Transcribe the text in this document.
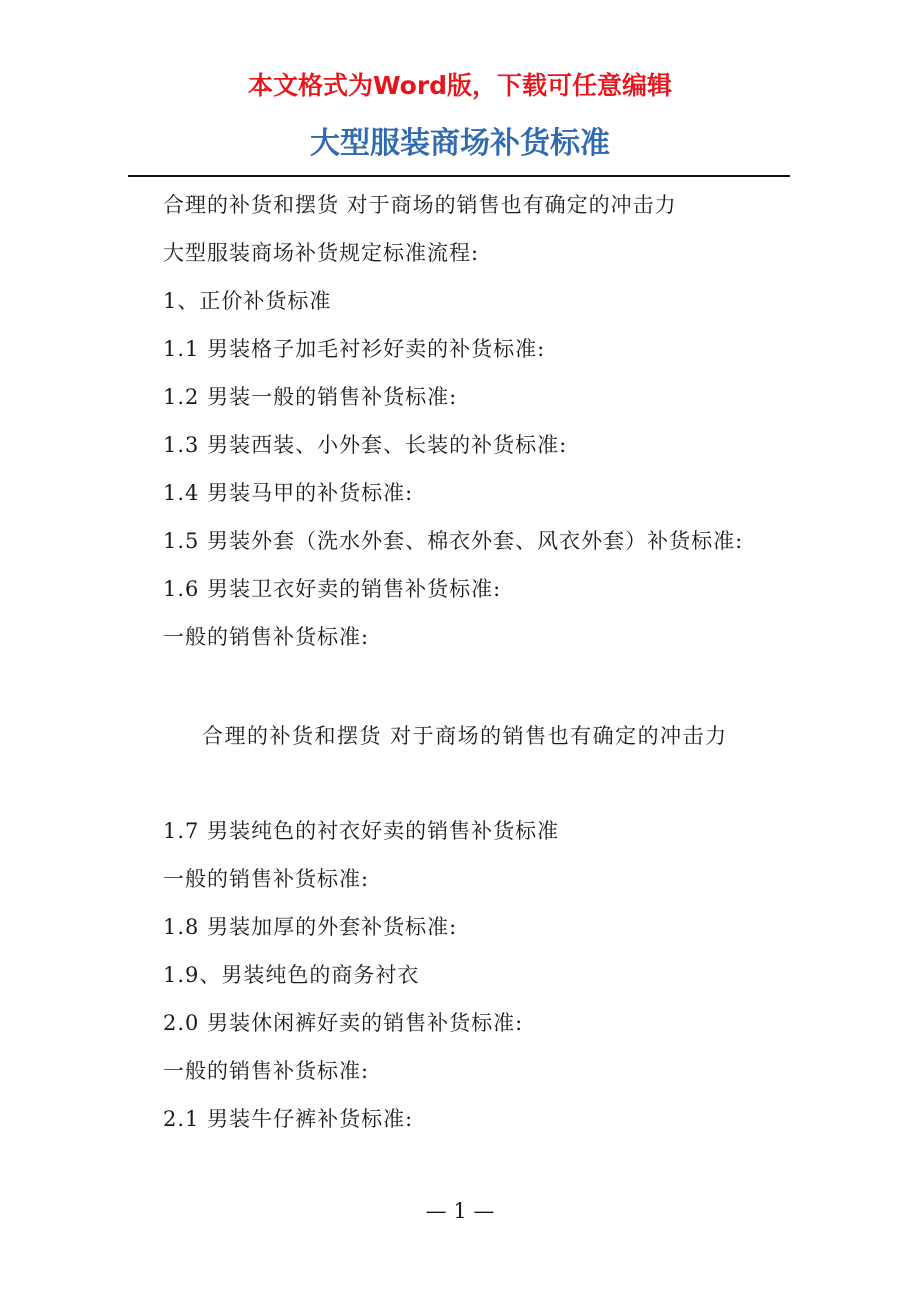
本文格式为Word版，下载可任意编辑
大型服装商场补货标准
合理的补货和摆货 对于商场的销售也有确定的冲击力
大型服装商场补货规定标准流程:
1、正价补货标准
1.1 男装格子加毛衬衫好卖的补货标准:
1.2 男装一般的销售补货标准:
1.3 男装西装、小外套、长装的补货标准:
1.4 男装马甲的补货标准:
1.5 男装外套（洗水外套、棉衣外套、风衣外套）补货标准:
1.6 男装卫衣好卖的销售补货标准:
一般的销售补货标准:
合理的补货和摆货 对于商场的销售也有确定的冲击力
1.7 男装纯色的衬衣好卖的销售补货标准
一般的销售补货标准:
1.8 男装加厚的外套补货标准:
1.9、男装纯色的商务衬衣
2.0 男装休闲裤好卖的销售补货标准:
一般的销售补货标准:
2.1 男装牛仔裤补货标准:
— 1 —
